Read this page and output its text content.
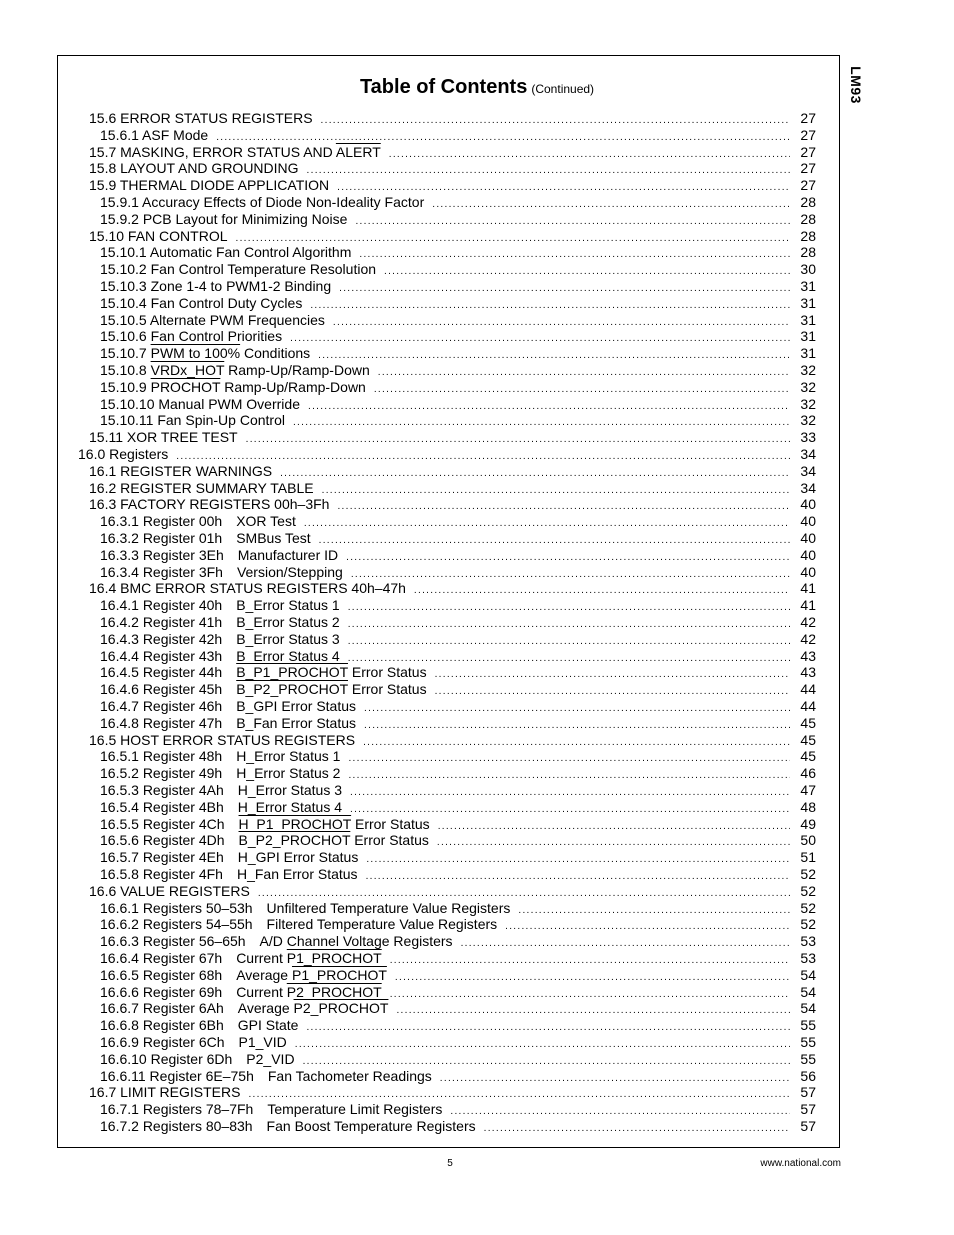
LM93
Table of Contents (Continued)
15.6 ERROR STATUS REGISTERS .....	27
15.6.1 ASF Mode .....	27
15.7 MASKING, ERROR STATUS AND ALERT .....	27
15.8 LAYOUT AND GROUNDING .....	27
15.9 THERMAL DIODE APPLICATION .....	27
15.9.1 Accuracy Effects of Diode Non-Ideality Factor .....	28
15.9.2 PCB Layout for Minimizing Noise .....	28
15.10 FAN CONTROL .....	28
15.10.1 Automatic Fan Control Algorithm .....	28
15.10.2 Fan Control Temperature Resolution .....	30
15.10.3 Zone 1-4 to PWM1-2 Binding .....	31
15.10.4 Fan Control Duty Cycles .....	31
15.10.5 Alternate PWM Frequencies .....	31
15.10.6 Fan Control Priorities .....	31
15.10.7 PWM to 100% Conditions .....	31
15.10.8 VRDx_HOT Ramp-Up/Ramp-Down .....	32
15.10.9 PROCHOT Ramp-Up/Ramp-Down .....	32
15.10.10 Manual PWM Override .....	32
15.10.11 Fan Spin-Up Control .....	32
15.11 XOR TREE TEST .....	33
16.0 Registers .....	34
16.1 REGISTER WARNINGS .....	34
16.2 REGISTER SUMMARY TABLE .....	34
16.3 FACTORY REGISTERS 00h–3Fh .....	40
16.3.1 Register 00h XOR Test .....	40
16.3.2 Register 01h SMBus Test .....	40
16.3.3 Register 3Eh Manufacturer ID .....	40
16.3.4 Register 3Fh Version/Stepping .....	40
16.4 BMC ERROR STATUS REGISTERS 40h–47h .....	41
16.4.1 Register 40h B_Error Status 1 .....	41
16.4.2 Register 41h B_Error Status 2 .....	42
16.4.3 Register 42h B_Error Status 3 .....	42
16.4.4 Register 43h B_Error Status 4 .....	43
16.4.5 Register 44h B_P1_PROCHOT Error Status .....	43
16.4.6 Register 45h B_P2_PROCHOT Error Status .....	44
16.4.7 Register 46h B_GPI Error Status .....	44
16.4.8 Register 47h B_Fan Error Status .....	45
16.5 HOST ERROR STATUS REGISTERS .....	45
16.5.1 Register 48h H_Error Status 1 .....	45
16.5.2 Register 49h H_Error Status 2 .....	46
16.5.3 Register 4Ah H_Error Status 3 .....	47
16.5.4 Register 4Bh H_Error Status 4 .....	48
16.5.5 Register 4Ch H_P1_PROCHOT Error Status .....	49
16.5.6 Register 4Dh B_P2_PROCHOT Error Status .....	50
16.5.7 Register 4Eh H_GPI Error Status .....	51
16.5.8 Register 4Fh H_Fan Error Status .....	52
16.6 VALUE REGISTERS .....	52
16.6.1 Registers 50–53h Unfiltered Temperature Value Registers .....	52
16.6.2 Registers 54–55h Filtered Temperature Value Registers .....	52
16.6.3 Register 56–65h A/D Channel Voltage Registers .....	53
16.6.4 Register 67h Current P1_PROCHOT .....	53
16.6.5 Register 68h Average P1_PROCHOT .....	54
16.6.6 Register 69h Current P2_PROCHOT .....	54
16.6.7 Register 6Ah Average P2_PROCHOT .....	54
16.6.8 Register 6Bh GPI State .....	55
16.6.9 Register 6Ch P1_VID .....	55
16.6.10 Register 6Dh P2_VID .....	55
16.6.11 Register 6E–75h Fan Tachometer Readings .....	56
16.7 LIMIT REGISTERS .....	57
16.7.1 Registers 78–7Fh Temperature Limit Registers .....	57
16.7.2 Registers 80–83h Fan Boost Temperature Registers .....	57
5	www.national.com
